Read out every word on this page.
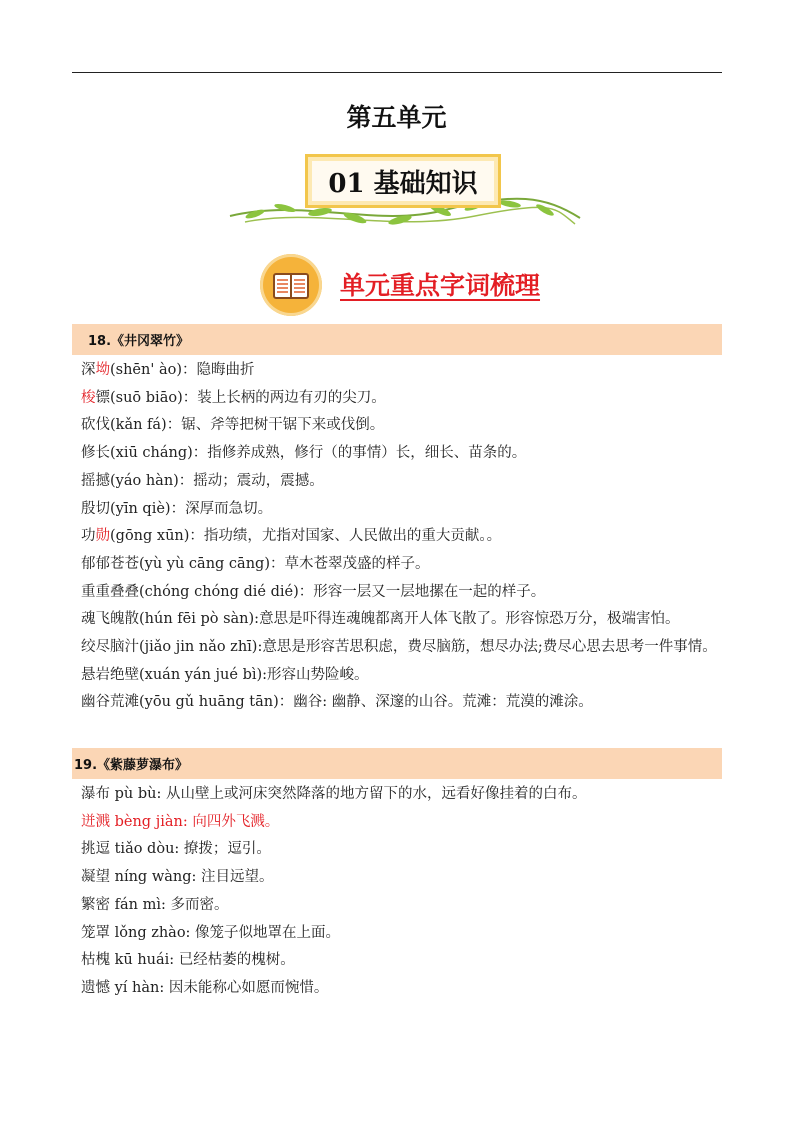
第五单元
01 基础知识
单元重点字词梳理
18.《井冈翠竹》

深坳(shēn' ào)：隐晦曲折

梭镖(suō biāo)：装上长柄的两边有刃的尖刀。

砍伐(kǎn fá)：锯、斧等把树干锯下来或伐倒。

修长(xiū cháng)：指修养成熟，修行（的事情）长，细长、苗条的。

摇撼(yáo hàn)：摇动；震动，震撼。

殷切(yīn qiè)：深厚而急切。

功勋(gōng xūn)：指功绩，尤指对国家、人民做出的重大贡献。。

郁郁苍苍(yù yù cāng cāng)：草木苍翠茂盛的样子。

重重叠叠(chóng chóng dié dié)：形容一层又一层地摞在一起的样子。

魂飞魄散(hún fēi pò sàn):意思是吓得连魂魄都离开人体飞散了。形容惊恐万分，极端害怕。

绞尽脑汁(jiǎo jin nǎo zhī):意思是形容苦思积虑，费尽脑筋，想尽办法;费尽心思去思考一件事情。

悬岩绝壁(xuán yán jué bì):形容山势险峻。

幽谷荒滩(yōu gǔ huāng tān)：幽谷: 幽静、深邃的山谷。荒滩：荒漠的滩涂。

19.《紫藤萝瀑布》

瀑布 pù bù: 从山壁上或河床突然降落的地方留下的水，远看好像挂着的白布。

迸溅 bèng jiàn: 向四外飞溅。

挑逗 tiǎo dòu: 撩拨；逗引。

凝望 níng wàng: 注目远望。

繁密 fán mì: 多而密。

笼罩 lǒng zhào: 像笼子似地罩在上面。

枯槐 kū huái: 已经枯萎的槐树。

遗憾 yí hàn: 因未能称心如愿而惋惜。
